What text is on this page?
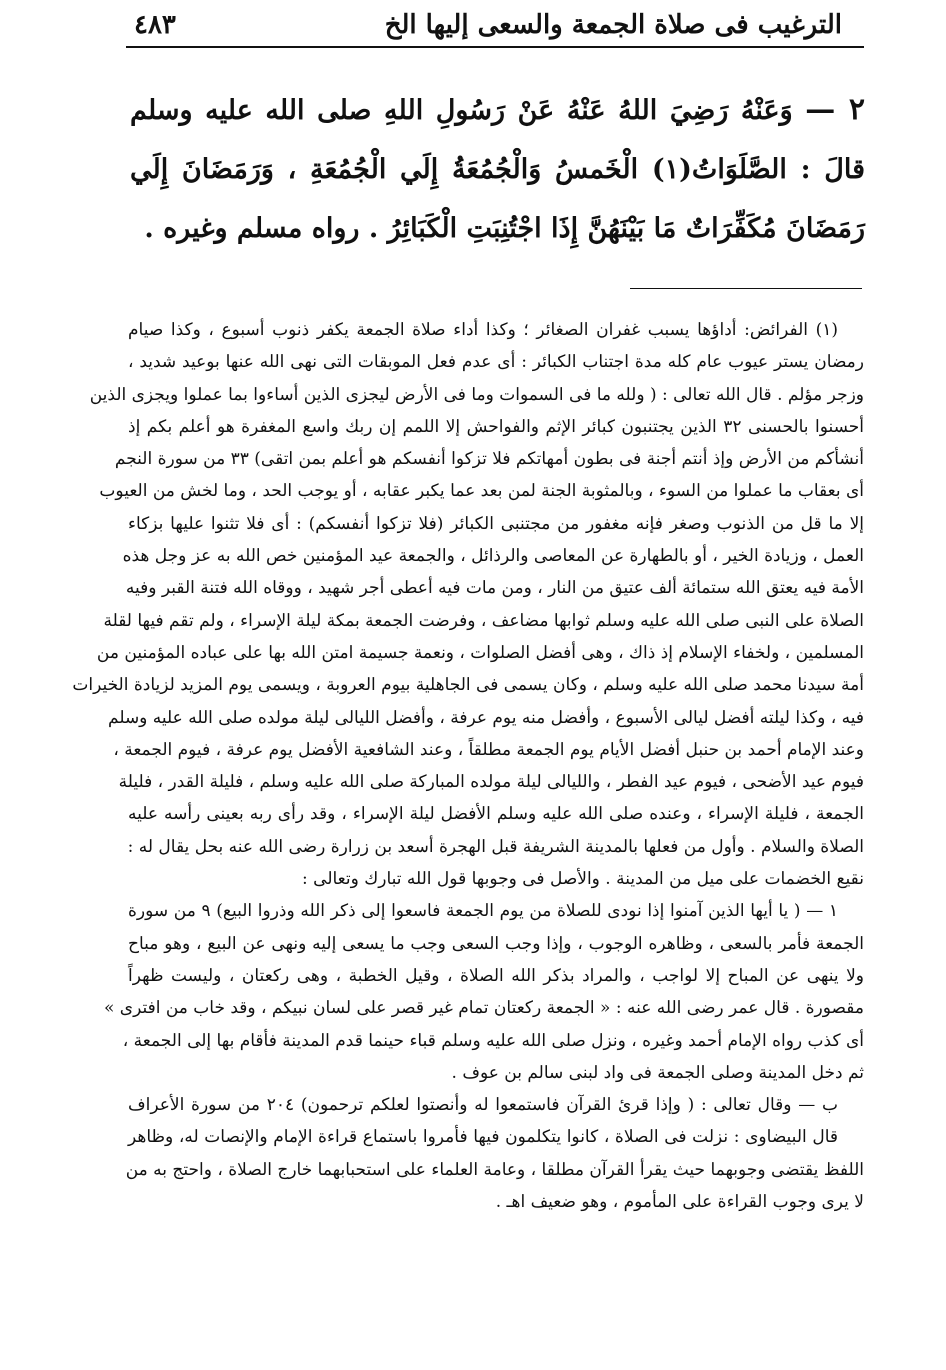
٤٨٣	الترغيب فى صلاة الجمعة والسعى إليها الخ
٢ — وَعَنْهُ رَضِيَ اللهُ عَنْهُ عَنْ رَسُولِ اللهِ صلى الله عليه وسلم قالَ : الصَّلَوَاتُ(١) الْخَمسُ وَالْجُمُعَةُ إِلَي الْجُمُعَةِ ، وَرَمَضَانَ إِلَي رَمَضَانَ مُكَفِّرَاتٌ مَا بَيْنَهُنَّ إِذَا اجْتُنِبَتِ الْكَبَائِرُ . رواه مسلم وغيره .
(١) الفرائض: أداؤها يسبب غفران الصغائر ؛ وكذا أداء صلاة الجمعة يكفر ذنوب أسبوع ، وكذا صيام
رمضان يستر عيوب عام كله مدة اجتناب الكبائر : أى عدم فعل الموبقات التى نهى الله عنها بوعيد شديد ،
وزجر مؤلم . قال الله تعالى : ( ولله ما فى السموات وما فى الأرض ليجزى الذين أساءوا بما عملوا ويجزى الذين
أحسنوا بالحسنى ٣٢ الذين يجتنبون كبائر الإثم والفواحش إلا اللمم إن ربك واسع المغفرة هو أعلم بكم إذ
أنشأكم من الأرض وإذ أنتم أجنة فى بطون أمهاتكم فلا تزكوا أنفسكم هو أعلم بمن اتقى) ٣٣ من سورة النجم
أى بعقاب ما عملوا من السوء ، وبالمثوبة الجنة لمن بعد عما يكبر عقابه ، أو يوجب الحد ، وما لخش من العيوب
إلا ما قل من الذنوب وصغر فإنه مغفور من مجتنبى الكبائر (فلا تزكوا أنفسكم) : أى فلا تثنوا عليها بزكاء
العمل ، وزيادة الخير ، أو بالطهارة عن المعاصى والرذائل ، والجمعة عيد المؤمنين خص الله به عز وجل هذه
الأمة فيه يعتق الله ستمائة ألف عتيق من النار ، ومن مات فيه أعطى أجر شهيد ، ووقاه الله فتنة القبر وفيه
الصلاة على النبى صلى الله عليه وسلم ثوابها مضاعف ، وفرضت الجمعة بمكة ليلة الإسراء ، ولم تقم فيها لقلة
المسلمين ، ولخفاء الإسلام إذ ذاك ، وهى أفضل الصلوات ، ونعمة جسيمة امتن الله بها على عباده المؤمنين من
أمة سيدنا محمد صلى الله عليه وسلم ، وكان يسمى فى الجاهلية بيوم العروبة ، ويسمى يوم المزيد لزيادة الخيرات
فيه ، وكذا ليلته أفضل ليالى الأسبوع ، وأفضل منه يوم عرفة ، وأفضل الليالى ليلة مولده صلى الله عليه وسلم
وعند الإمام أحمد بن حنبل أفضل الأيام يوم الجمعة مطلقاً ، وعند الشافعية الأفضل يوم عرفة ، فيوم الجمعة ،
فيوم عيد الأضحى ، فيوم عيد الفطر ، والليالى ليلة مولده المباركة صلى الله عليه وسلم ، فليلة القدر ، فليلة
الجمعة ، فليلة الإسراء ، وعنده صلى الله عليه وسلم الأفضل ليلة الإسراء ، وقد رأى ربه بعينى رأسه عليه
الصلاة والسلام . وأول من فعلها بالمدينة الشريفة قبل الهجرة أسعد بن زرارة رضى الله عنه بحل يقال له :
نقيع الخضمات على ميل من المدينة . والأصل فى وجوبها قول الله تبارك وتعالى :
١ — ( يا أيها الذين آمنوا إذا نودى للصلاة من يوم الجمعة فاسعوا إلى ذكر الله وذروا البيع) ٩ من سورة
الجمعة فأمر بالسعى ، وظاهره الوجوب ، وإذا وجب السعى وجب ما يسعى إليه ونهى عن البيع ، وهو مباح
ولا ينهى عن المباح إلا لواجب ، والمراد بذكر الله الصلاة ، وقيل الخطبة ، وهى ركعتان ، وليست ظهراً
مقصورة . قال عمر رضى الله عنه : « الجمعة ركعتان تمام غير قصر على لسان نبيكم ، وقد خاب من افترى »
أى كذب رواه الإمام أحمد وغيره ، ونزل صلى الله عليه وسلم قباء حينما قدم المدينة فأقام بها إلى الجمعة ،
ثم دخل المدينة وصلى الجمعة فى واد لبنى سالم بن عوف .
ب — وقال تعالى : ( وإذا قرئ القرآن فاستمعوا له وأنصتوا لعلكم ترحمون) ٢٠٤ من سورة الأعراف
قال البيضاوى : نزلت فى الصلاة ، كانوا يتكلمون فيها فأمروا باستماع قراءة الإمام والإنصات له، وظاهر
اللفظ يقتضى وجوبهما حيث يقرأ القرآن مطلقا ، وعامة العلماء على استحبابهما خارج الصلاة ، واحتج به من
لا يرى وجوب القراءة على المأموم ، وهو ضعيف اهـ .
